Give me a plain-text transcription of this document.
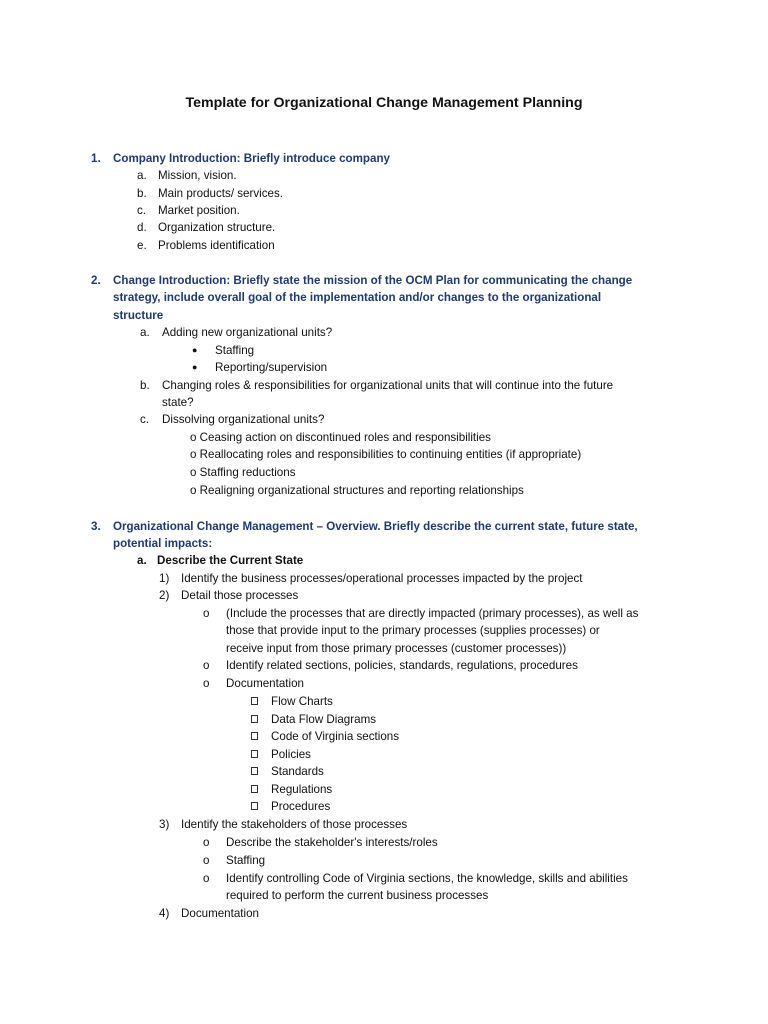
Template for Organizational Change Management Planning
1. Company Introduction: Briefly introduce company
a. Mission, vision.
b. Main products/ services.
c. Market position.
d. Organization structure.
e. Problems identification
2. Change Introduction: Briefly state the mission of the OCM Plan for communicating the change
strategy, include overall goal of the implementation and/or changes to the organizational
structure
a. Adding new organizational units?
● Staffing
● Reporting/supervision
b. Changing roles & responsibilities for organizational units that will continue into the future
state?
c. Dissolving organizational units?
o Ceasing action on discontinued roles and responsibilities
o Reallocating roles and responsibilities to continuing entities (if appropriate)
o Staffing reductions
o Realigning organizational structures and reporting relationships
3. Organizational Change Management – Overview. Briefly describe the current state, future state,
potential impacts:
a. Describe the Current State
1) Identify the business processes/operational processes impacted by the project
2) Detail those processes
o (Include the processes that are directly impacted (primary processes), as well as
those that provide input to the primary processes (supplies processes) or
receive input from those primary processes (customer processes))
o Identify related sections, policies, standards, regulations, procedures
o Documentation
Flow Charts
Data Flow Diagrams
Code of Virginia sections
Policies
Standards
Regulations
Procedures
3) Identify the stakeholders of those processes
o Describe the stakeholder's interests/roles
o Staffing
o Identify controlling Code of Virginia sections, the knowledge, skills and abilities
required to perform the current business processes
4) Documentation
